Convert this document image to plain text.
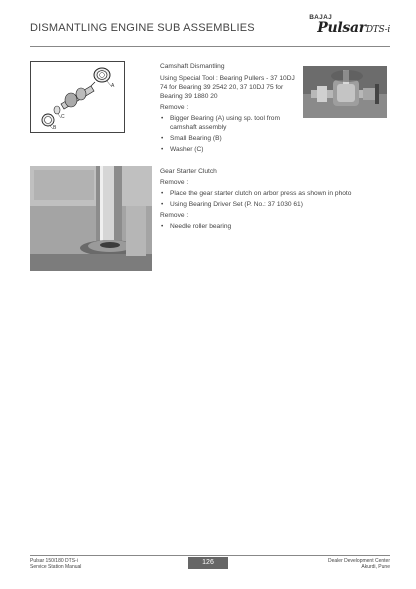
DISMANTLING ENGINE SUB ASSEMBLIES
BAJAJ
PulsarDTS-i
A
C
B
Camshaft Dismantling
Using Special Tool : Bearing Pullers - 37 10DJ 74 for Bearing 39 2542 20, 37 10DJ 75 for Bearing 39 1880 20
Remove :
• Bigger Bearing (A) using sp. tool from camshaft assembly
• Small Bearing (B)
• Washer (C)
Gear Starter Clutch
Remove :
• Place the gear starter clutch on arbor press as shown in photo
• Using Bearing Driver Set (P. No.: 37 1030 61)
Remove :
• Needle roller bearing
Pulsar 150/180 DTS-i
Service Station Manual
126	Dealer Development Center
Akurdi, Pune
